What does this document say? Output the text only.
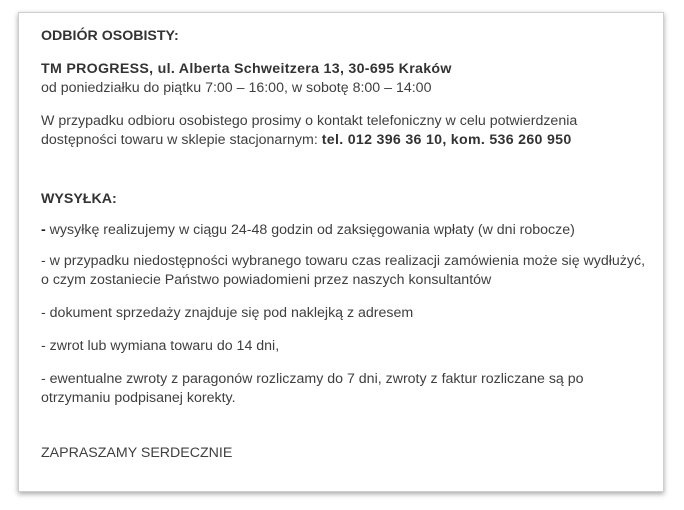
ODBIÓR OSOBISTY:

TM PROGRESS, ul. Alberta Schweitzera 13, 30-695 Kraków

od poniedziałku do piątku 7:00 – 16:00, w sobotę 8:00 – 14:00

W przypadku odbioru osobistego prosimy o kontakt telefoniczny w celu potwierdzenia dostępności towaru w sklepie stacjonarnym: tel. 012 396 36 10, kom. 536 260 950

WYSYŁKA:

- wysyłkę realizujemy w ciągu 24-48 godzin od zaksięgowania wpłaty (w dni robocze)

- w przypadku niedostępności wybranego towaru czas realizacji zamówienia może się wydłużyć, o czym zostaniecie Państwo powiadomieni przez naszych konsultantów

- dokument sprzedaży znajduje się pod naklejką z adresem

- zwrot lub wymiana towaru do 14 dni,

- ewentualne zwroty z paragonów rozliczamy do 7 dni, zwroty z faktur rozliczane są po otrzymaniu podpisanej korekty.

ZAPRASZAMY SERDECZNIE
